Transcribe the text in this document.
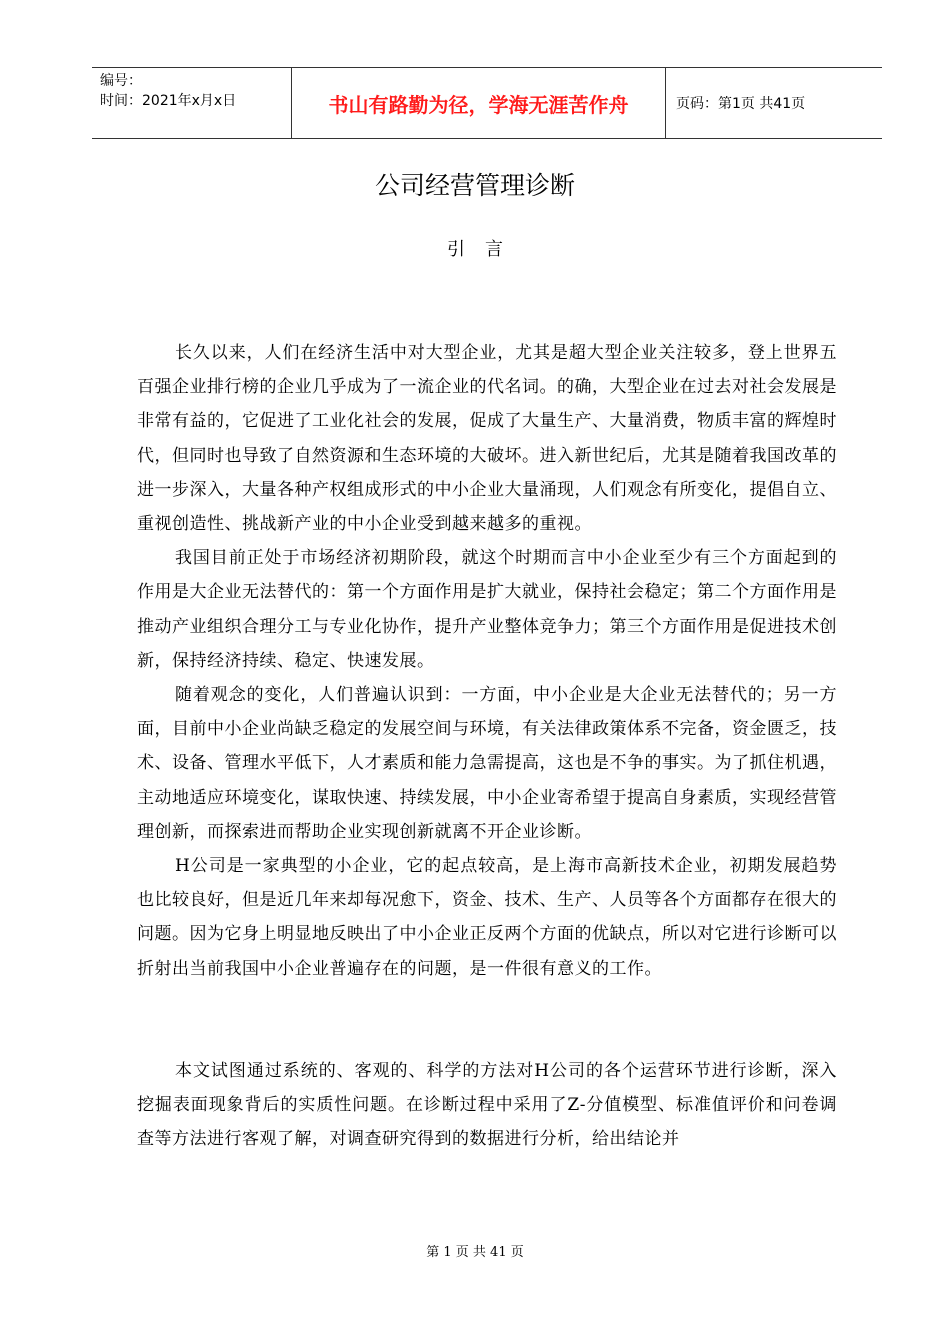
编号：
时间：2021年x月x日	书山有路勤为径，学海无涯苦作舟	页码：第1页 共41页
公司经营管理诊断
引言

长久以来，人们在经济生活中对大型企业，尤其是超大型企业关注较多，登上世界五百强企业排行榜的企业几乎成为了一流企业的代名词。的确，大型企业在过去对社会发展是非常有益的，它促进了工业化社会的发展，促成了大量生产、大量消费，物质丰富的辉煌时代，但同时也导致了自然资源和生态环境的大破坏。进入新世纪后，尤其是随着我国改革的进一步深入，大量各种产权组成形式的中小企业大量涌现，人们观念有所变化，提倡自立、重视创造性、挑战新产业的中小企业受到越来越多的重视。

我国目前正处于市场经济初期阶段，就这个时期而言中小企业至少有三个方面起到的作用是大企业无法替代的：第一个方面作用是扩大就业，保持社会稳定；第二个方面作用是推动产业组织合理分工与专业化协作，提升产业整体竞争力；第三个方面作用是促进技术创新，保持经济持续、稳定、快速发展。

随着观念的变化，人们普遍认识到：一方面，中小企业是大企业无法替代的；另一方面，目前中小企业尚缺乏稳定的发展空间与环境，有关法律政策体系不完备，资金匮乏，技术、设备、管理水平低下，人才素质和能力急需提高，这也是不争的事实。为了抓住机遇，主动地适应环境变化，谋取快速、持续发展，中小企业寄希望于提高自身素质，实现经营管理创新，而探索进而帮助企业实现创新就离不开企业诊断。

H公司是一家典型的小企业，它的起点较高，是上海市高新技术企业，初期发展趋势也比较良好，但是近几年来却每况愈下，资金、技术、生产、人员等各个方面都存在很大的问题。因为它身上明显地反映出了中小企业正反两个方面的优缺点，所以对它进行诊断可以折射出当前我国中小企业普遍存在的问题，是一件很有意义的工作。

本文试图通过系统的、客观的、科学的方法对H公司的各个运营环节进行诊断，深入挖掘表面现象背后的实质性问题。在诊断过程中采用了Z-分值模型、标准值评价和问卷调查等方法进行客观了解，对调查研究得到的数据进行分析，给出结论并

第 1 页 共 41 页
